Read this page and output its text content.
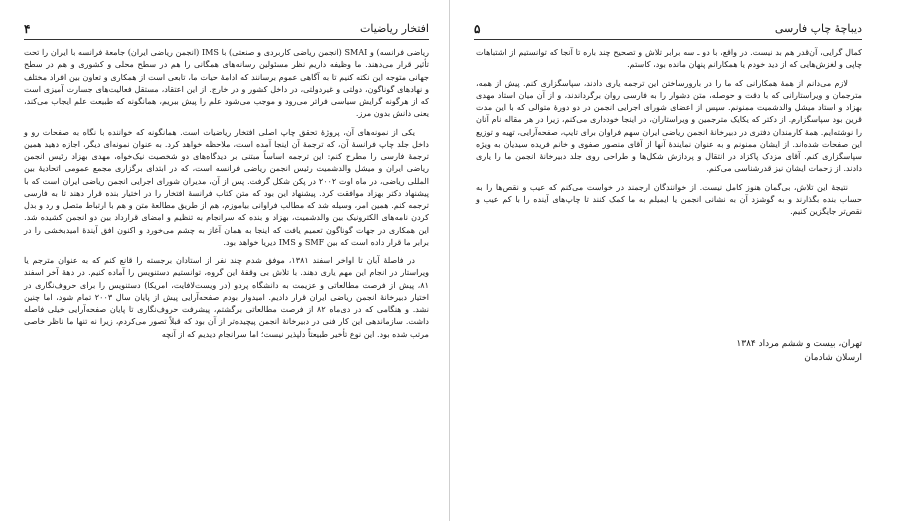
افتخار ریاضیات
۴

ریاضی فرانسه) و SMAI (انجمن ریاضی کاربردی و صنعتی) با IMS (انجمن ریاضی ایران) جامعهٔ فرانسه با ایران را تحت تأثیر قرار می‌دهند. ما وظیفه داریم نظر مسئولین رسانه‌های همگانی را هم در سطح محلی و کشوری و هم در سطح جهانی متوجه این نکته کنیم تا به آگاهی عموم برسانند که ادامهٔ حیات ما، تابعی است از همکاری و تعاون بین افراد مختلف و نهادهای گوناگون، دولتی و غیردولتی، در داخل کشور و در خارج. از این اعتقاد، مستقل فعالیت‌های جسارت آمیزی است که از هرگونه گرایش سیاسی فراتر می‌رود و موجب می‌شود علم را پیش ببریم، همانگونه که طبیعت علم ایجاب می‌کند، یعنی دانش بدون مرز.

یکی از نمونه‌های آن، پروژهٔ تحقق چاپ اصلی افتخار ریاضیات است. همانگونه که خواننده با نگاه به صفحات رو و داخل جلد چاپ فرانسهٔ آن، که ترجمهٔ آن اینجا آمده است، ملاحظه خواهد کرد. به عنوان نمونه‌ای دیگر، اجازه دهید همین ترجمهٔ فارسی را مطرح کنم: این ترجمه اساساً مبتنی بر دیدگاه‌های دو شخصیت نیک‌خواه، مهدی بهزاد رئیس انجمن ریاضی ایران و میشل والدشمیت رئیس انجمن ریاضی فرانسه است، که در ابتدای برگزاری مجمع عمومی اتحادیهٔ بین المللی ریاضی، در ماه اوت ۲۰۰۲ در پکن شکل گرفت. پس از آن، مدیران شورای اجرایی انجمن ریاضی ایران است که با پیشنهاد دکتر بهزاد موافقت کرد. پیشنهاد این بود که متن کتاب فرانسهٔ افتخار را در اختیار بنده قرار دهند تا به فارسی ترجمه کنم. همین امر، وسیله شد که مطالب فراوانی بیاموزم، هم از طریق مطالعهٔ متن و هم با ارتباط متصل و رد و بدل کردن نامه‌های الکترونیک بین والدشمیت، بهزاد و بنده که سرانجام به تنظیم و امضای قرارداد بین دو انجمن کشیده شد. این همکاری در جهات گوناگون تعمیم یافت که اینجا به همان آغاز به چشم می‌خورد و اکنون افق آیندهٔ امیدبخشی را در برابر ما قرار داده است که بین SMF و IMS دیریا خواهد بود.

در فاصلهٔ آبان تا اواخر اسفند ۱۳۸۱، موفق شدم چند نفر از استادان برجسته را قانع کنم که به عنوان مترجم یا ویراستار در انجام این مهم یاری دهند. با تلاش بی وقفهٔ این گروه، توانستیم دستنویس را آماده کنیم. در دههٔ آخر اسفند ۸۱، پیش از فرصت مطالعاتی و عزیمت به دانشگاه پردو (در ویست‌لافایت، امریکا) دستنویس را برای حروف‌نگاری در اختیار دبیرخانهٔ انجمن ریاضی ایران قرار دادیم. امیدوار بودم صفحه‌آرایی پیش از پایان سال ۲۰۰۳ تمام شود، اما چنین نشد. و هنگامی که در دی‌ماه ۸۲ از فرصت مطالعاتی برگشتم، پیشرفت حروف‌نگاری تا پایان صفحه‌آرایی خیلی فاصله داشت. سازماندهی این کار فنی در دبیرخانهٔ انجمن پیچیده‌تر از آن بود که قبلاً تصور می‌کردم، زیرا نه تنها ما ناظر خاصی مرتب شده بود. این نوع تأخیر طبیعتاً دلپذیر نیست؛ اما سرانجام دیدیم که از آنچه

دیباچهٔ چاپ فارسی
۵

کمال گرایی، آن‌قدر هم بد نیست. در واقع، با دو ـ سه برابر تلاش و تصحیح چند باره تا آنجا که توانستیم از اشتباهات چاپی و لغزش‌هایی که از دید خودم یا همکارانم پنهان مانده بود، کاستم.

لازم می‌دانم از همهٔ همکارانی که ما را در بارورساختن این ترجمه یاری دادند، سپاسگزاری کنم. پیش از همه، مترجمان و ویراستارانی که با دقت و حوصله، متن دشوار را به فارسی روان برگرداندند، و از آن میان استاد مهدی بهزاد و استاد میشل والدشمیت ممنونم. سپس از اعضای شورای اجرایی انجمن در دو دورهٔ متوالی که با این مدت قرین بود سپاسگزارم. از دکتر که یکایک مترجمین و ویراستاران، در اینجا خودداری می‌کنم، زیرا در هر مقاله نام آنان را نوشته‌ایم. همهٔ کارمندان دفتری در دبیرخانهٔ انجمن ریاضی ایران سهم فراوان برای تایپ، صفحه‌آرایی، تهیه و توزیع این صفحات شده‌اند. از ایشان ممنونم و به عنوان نمایندهٔ آنها از آقای منصور صفوی و خانم فریده سیدیان به ویژه سپاسگزاری کنم. آقای مزدک پاکزاد در انتقال و پردازش شکل‌ها و طراحی روی جلد دبیرخانهٔ انجمن ما را یاری دادند. از زحمات ایشان نیز قدرشناسی می‌کنم.

نتیجهٔ این تلاش، بی‌گمان هنوز کامل نیست. از خوانندگان ارجمند در خواست می‌کنم که عیب و نقص‌ها را به حساب بنده بگذارند و به گوشزد آن به نشانی انجمن یا ایمیلم به ما کمک کنند تا چاپ‌های آینده را با کم عیب و نقص‌تر جایگزین کنیم.

تهران، بیست و ششم مرداد ۱۳۸۴
ارسلان شادمان
